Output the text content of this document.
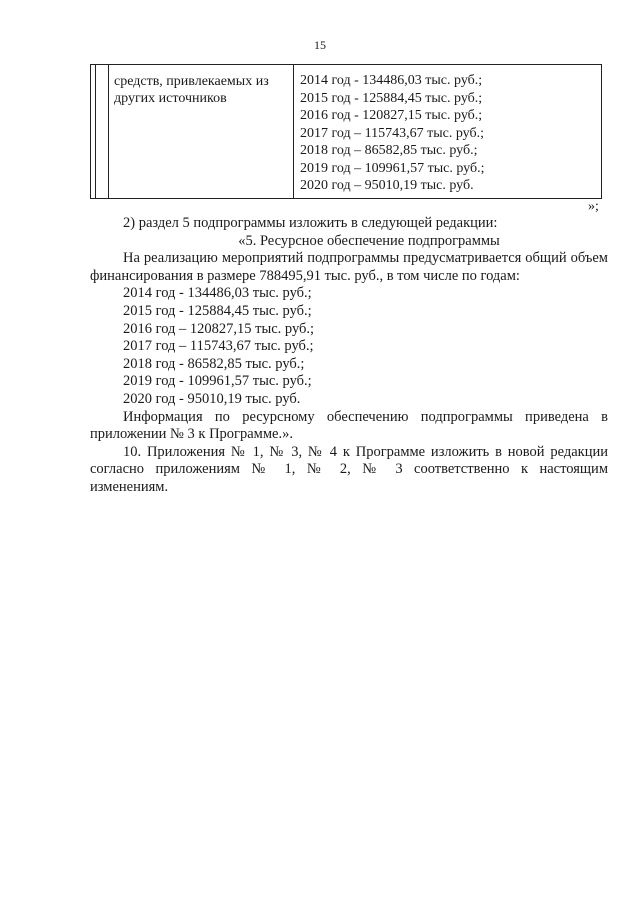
15
средств, привлекаемых из других источников
2014 год - 134486,03 тыс. руб.;
2015 год - 125884,45 тыс. руб.;
2016 год - 120827,15 тыс. руб.;
2017 год – 115743,67 тыс. руб.;
2018 год – 86582,85 тыс. руб.;
2019 год – 109961,57 тыс. руб.;
2020 год – 95010,19 тыс. руб.
»;

2) раздел 5 подпрограммы изложить в следующей редакции:

«5. Ресурсное обеспечение подпрограммы

На реализацию мероприятий подпрограммы предусматривается общий объем финансирования в размере 788495,91 тыс. руб., в том числе по годам:

2014 год - 134486,03 тыс. руб.;

2015 год - 125884,45 тыс. руб.;

2016 год – 120827,15 тыс. руб.;

2017 год – 115743,67 тыс. руб.;

2018 год - 86582,85 тыс. руб.;

2019 год - 109961,57 тыс. руб.;

2020 год - 95010,19 тыс. руб.

Информация по ресурсному обеспечению подпрограммы приведена в приложении № 3 к Программе.».

10. Приложения № 1, № 3, № 4 к Программе изложить в новой редакции

согласно приложениям № 1, № 2, № 3 соответственно к настоящим

изменениям.
